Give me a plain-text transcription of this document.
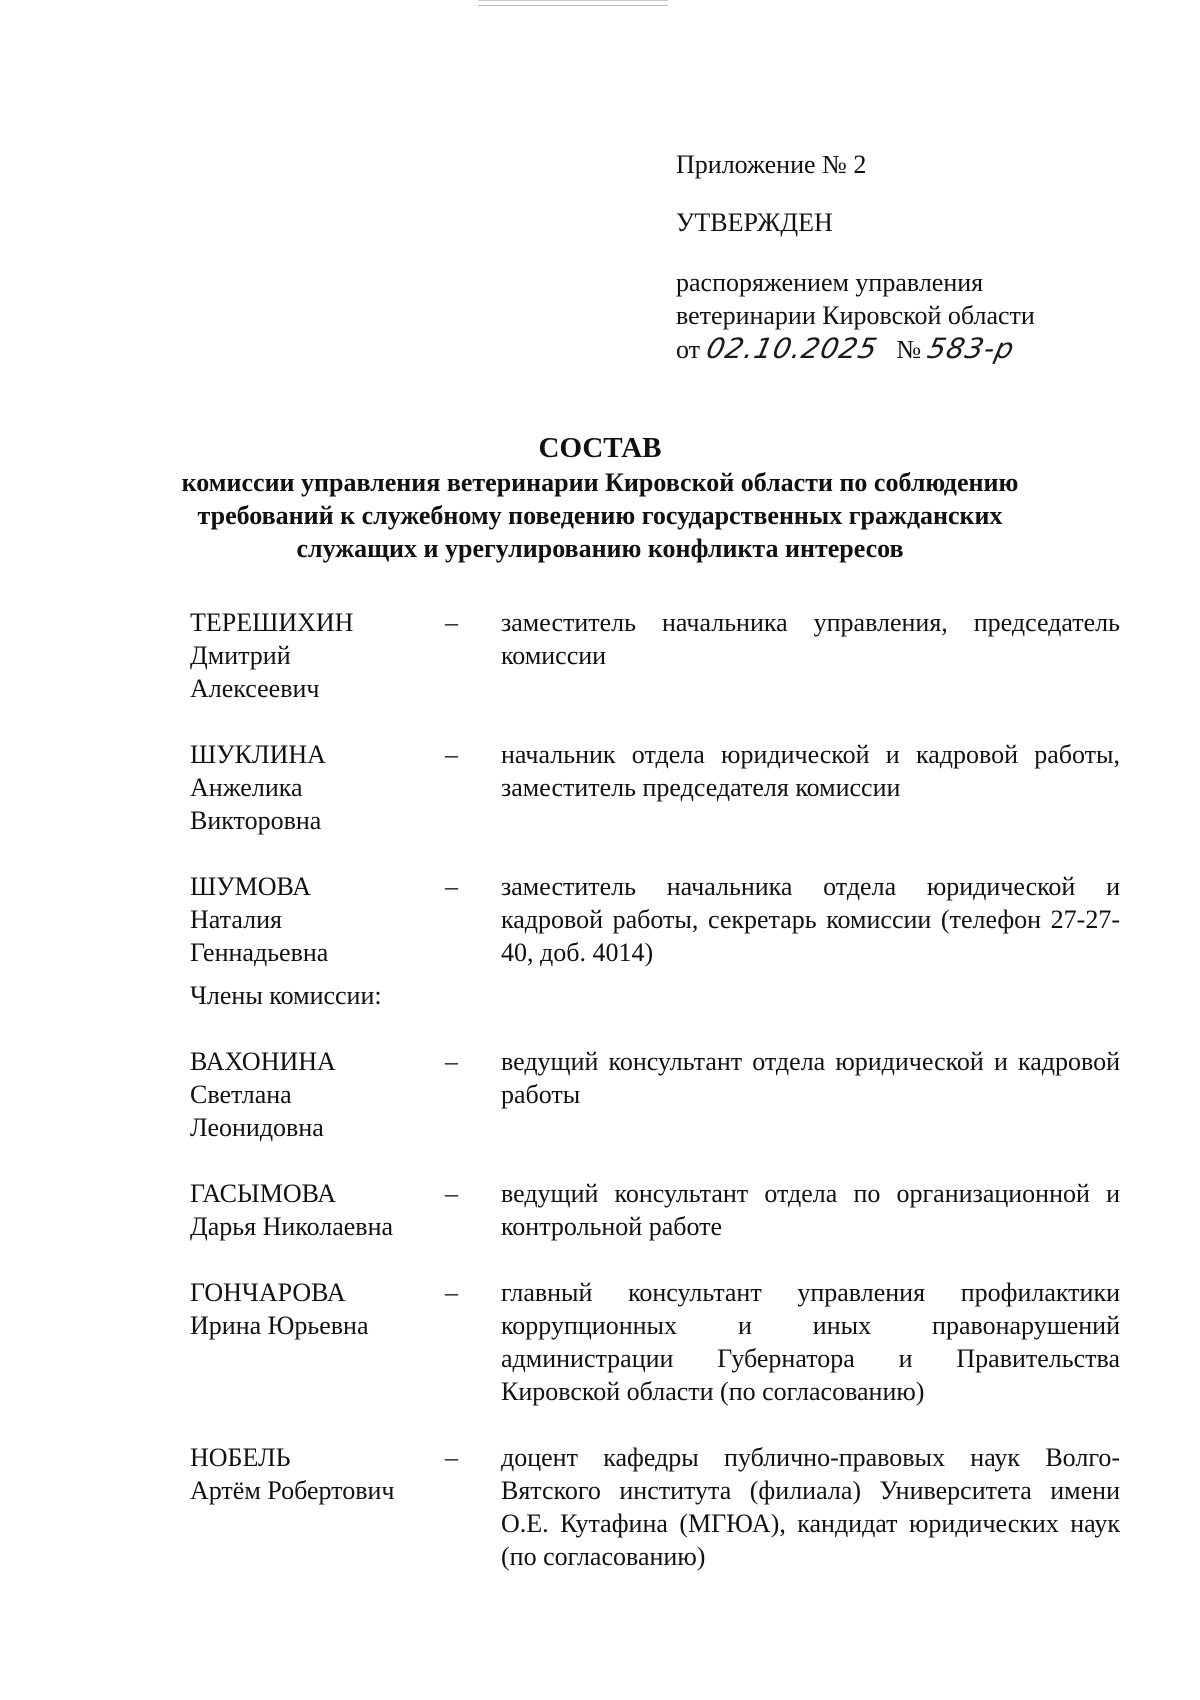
Приложение № 2
УТВЕРЖДЕН
распоряжением управления
ветеринарии Кировской области
от 02.10.2025 № 583-р
СОСТАВ
комиссии управления ветеринарии Кировской области по соблюдению
требований к служебному поведению государственных гражданских
служащих и урегулированию конфликта интересов
ТЕРЕШИХИН
Дмитрий
Алексеевич
–	заместитель начальника управления, председатель комиссии
ШУКЛИНА
Анжелика
Викторовна
–	начальник отдела юридической и кадровой работы, заместитель председателя комиссии
ШУМОВА
Наталия
Геннадьевна
–	заместитель начальника отдела юридической и кадровой работы, секретарь комиссии (телефон 27-27-40, доб. 4014)
Члены комиссии:
ВАХОНИНА
Светлана
Леонидовна
–	ведущий консультант отдела юридической и кадровой работы
ГАСЫМОВА
Дарья Николаевна
–	ведущий консультант отдела по организационной и контрольной работе
ГОНЧАРОВА
Ирина Юрьевна
–	главный консультант управления профилактики коррупционных и иных правонарушений администрации Губернатора и Правительства Кировской области (по согласованию)
НОБЕЛЬ
Артём Робертович
–	доцент кафедры публично-правовых наук Волго-Вятского института (филиала) Университета имени О.Е. Кутафина (МГЮА), кандидат юридических наук (по согласованию)
